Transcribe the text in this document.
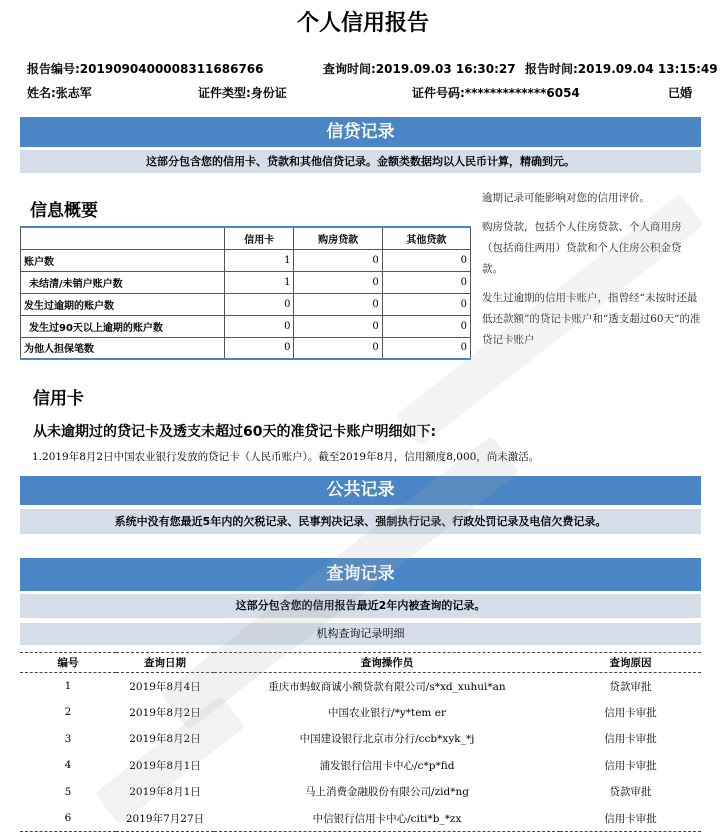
个人信用报告
报告编号:2019090400008311686766	查询时间:2019.09.03 16:30:27 报告时间:2019.09.04 13:15:49
姓名:张志军	证件类型:身份证	证件号码:*************6054	已婚
信贷记录
这部分包含您的信用卡、贷款和其他信贷记录。金额类数据均以人民币计算，精确到元。
信息概要
	信用卡	购房贷款	其他贷款
账户数	1	0	0
未结清/未销户账户数	1	0	0
发生过逾期的账户数	0	0	0
发生过90天以上逾期的账户数	0	0	0
为他人担保笔数	0	0	0

逾期记录可能影响对您的信用评价。

购房贷款，包括个人住房贷款、个人商用房（包括商住两用）贷款和个人住房公积金贷款。

发生过逾期的信用卡账户，指曾经“未按时还最低还款额”的贷记卡账户和“透支超过60天”的准贷记卡账户

信用卡
从未逾期过的贷记卡及透支未超过60天的准贷记卡账户明细如下:
1.2019年8月2日中国农业银行发放的贷记卡（人民币账户）。截至2019年8月，信用额度8,000，尚未激活。
公共记录
系统中没有您最近5年内的欠税记录、民事判决记录、强制执行记录、行政处罚记录及电信欠费记录。
查询记录
这部分包含您的信用报告最近2年内被查询的记录。
机构查询记录明细
编号	查询日期	查询操作员	查询原因
1	2019年8月4日	重庆市蚂蚁商诚小额贷款有限公司/s*xd_xuhui*an	贷款审批
2	2019年8月2日	中国农业银行/*y*tem er	信用卡审批
3	2019年8月2日	中国建设银行北京市分行/ccb*xyk_*j	信用卡审批
4	2019年8月1日	浦发银行信用卡中心/c*p*fid	信用卡审批
5	2019年8月1日	马上消费金融股份有限公司/zid*ng	贷款审批
6	2019年7月27日	中信银行信用卡中心/citi*b_*zx	信用卡审批
